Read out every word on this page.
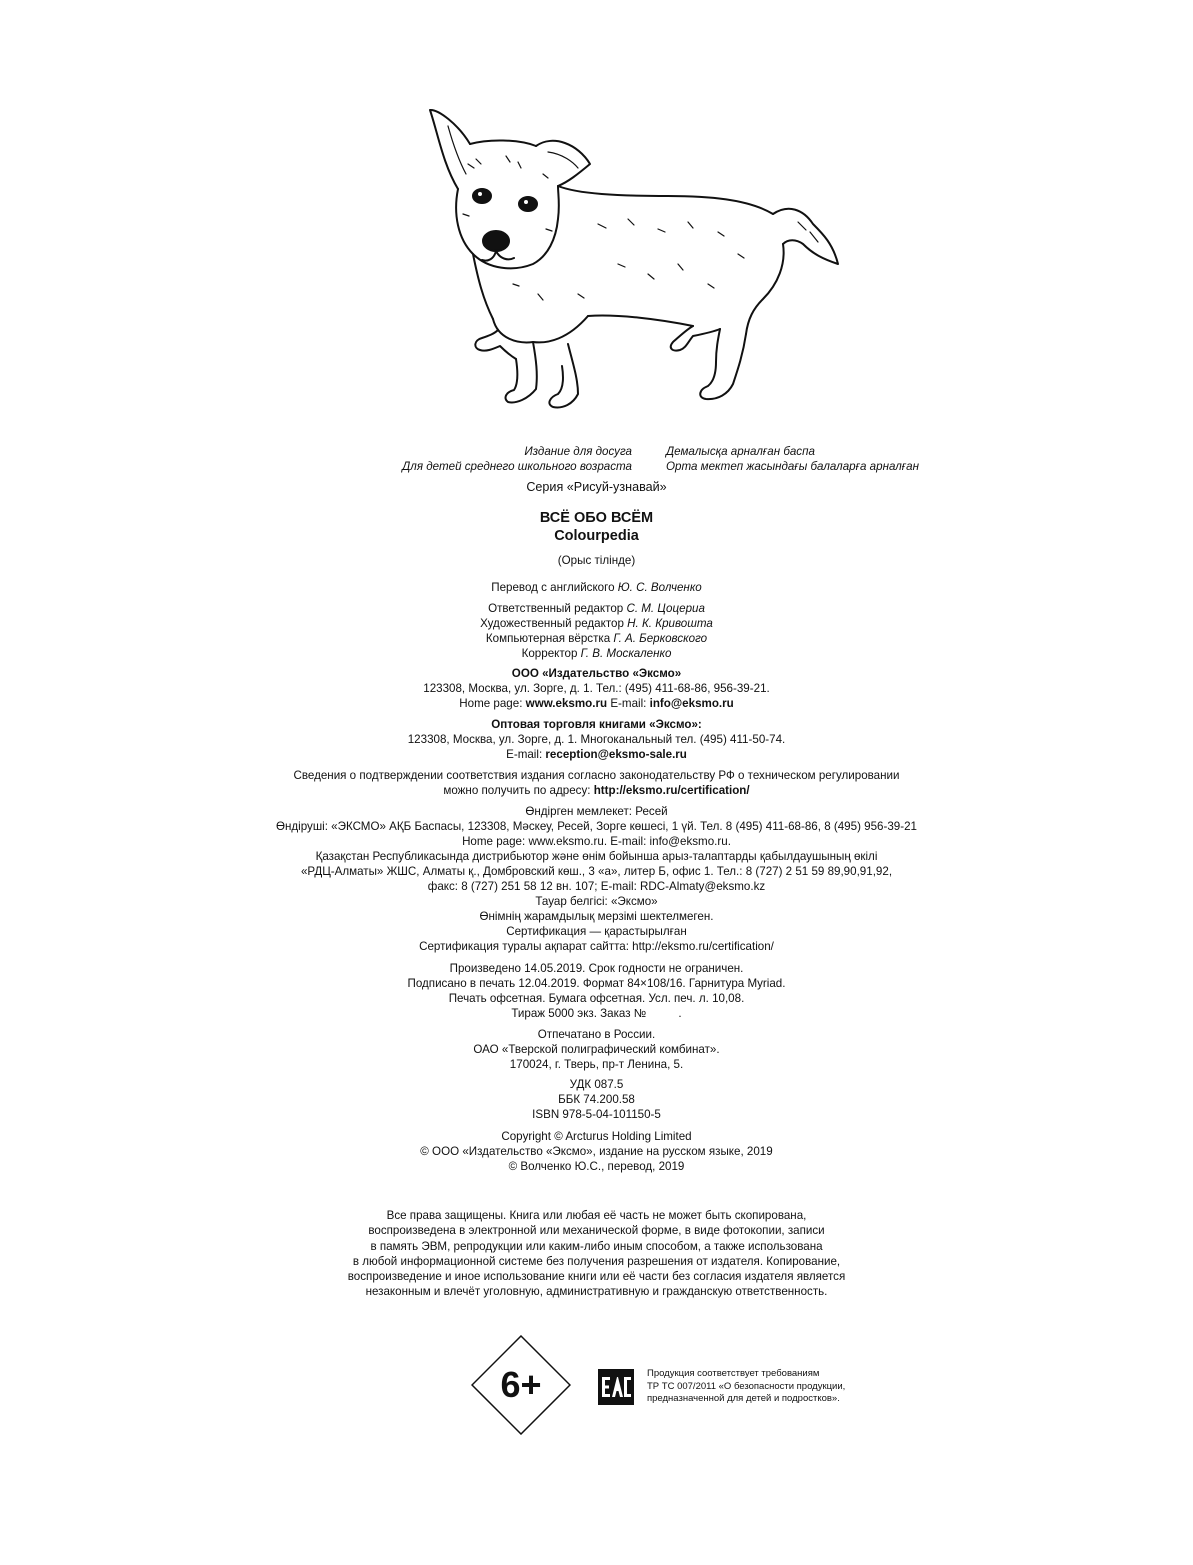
Издание для досуга
Для детей среднего школьного возраста
Демалысқа арналған баспа
Орта мектеп жасындағы балаларға арналған
Серия «Рисуй-узнавай»
ВСЁ ОБО ВСЁМ
Colourpedia
(Орыс тілінде)
Перевод с английского Ю. С. Волченко
Ответственный редактор С. М. Цоцериа
Художественный редактор Н. К. Кривошта
Компьютерная вёрстка Г. А. Берковского
Корректор Г. В. Москаленко
ООО «Издательство «Эксмо»
123308, Москва, ул. Зорге, д. 1. Тел.: (495) 411-68-86, 956-39-21.
Home page: www.eksmo.ru E-mail: info@eksmo.ru
Оптовая торговля книгами «Эксмо»:
123308, Москва, ул. Зорге, д. 1. Многоканальный тел. (495) 411-50-74.
E-mail: reception@eksmo-sale.ru
Сведения о подтверждении соответствия издания согласно законодательству РФ о техническом регулировании
можно получить по адресу: http://eksmo.ru/certification/
Өндірген мемлекет: Ресей
Өндіруші: «ЭКСМО» АҚБ Баспасы, 123308, Мәскеу, Ресей, Зорге көшесі, 1 үй. Тел. 8 (495) 411-68-86, 8 (495) 956-39-21
Home page: www.eksmo.ru. E-mail: info@eksmo.ru.
Қазақстан Республикасында дистрибьютор және өнім бойынша арыз-талаптарды қабылдаушының өкілі
«РДЦ-Алматы» ЖШС, Алматы қ., Домбровский көш., 3 «а», литер Б, офис 1. Тел.: 8 (727) 2 51 59 89,90,91,92,
факс: 8 (727) 251 58 12 вн. 107; E-mail: RDC-Almaty@eksmo.kz
Тауар белгісі: «Эксмо»
Өнімнің жарамдылық мерзімі шектелмеген.
Сертификация — қарастырылған
Сертификация туралы ақпарат сайтта: http://eksmo.ru/certification/
Произведено 14.05.2019. Срок годности не ограничен.
Подписано в печать 12.04.2019. Формат 84×108/16. Гарнитура Myriad.
Печать офсетная. Бумага офсетная. Усл. печ. л. 10,08.
Тираж 5000 экз. Заказ №          .
Отпечатано в России.
ОАО «Тверской полиграфический комбинат».
170024, г. Тверь, пр-т Ленина, 5.
УДК 087.5
ББК 74.200.58
ISBN 978-5-04-101150-5
Copyright © Arcturus Holding Limited
© ООО «Издательство «Эксмо», издание на русском языке, 2019
© Волченко Ю.С., перевод, 2019
Все права защищены. Книга или любая её часть не может быть скопирована,
воспроизведена в электронной или механической форме, в виде фотокопии, записи
в память ЭВМ, репродукции или каким-либо иным способом, а также использована
в любой информационной системе без получения разрешения от издателя. Копирование,
воспроизведение и иное использование книги или её части без согласия издателя является
незаконным и влечёт уголовную, административную и гражданскую ответственность.
6+	Продукция соответствует требованиям
ТР ТС 007/2011 «О безопасности продукции,
предназначенной для детей и подростков».
